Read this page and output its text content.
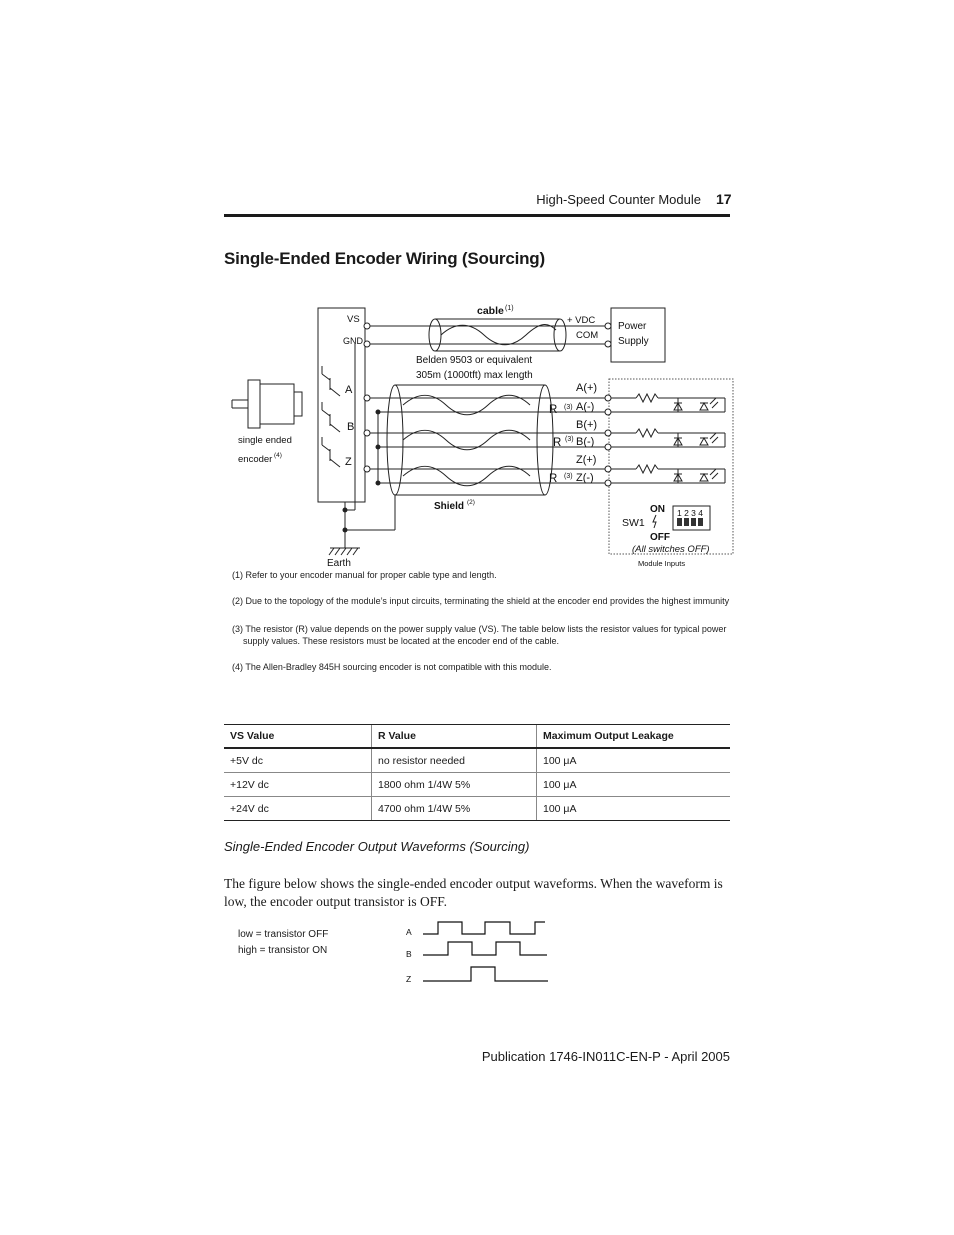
High-Speed Counter Module 17
Single-Ended Encoder Wiring (Sourcing)
cable (1)
VS
GND
A
B
Z
single ended
encoder (4)
+ VDC
COM
Power
Supply
Belden 9503 or equivalent
305m (1000tft) max length
Earth
Shield (2)
R (3)
R (3)
R (3)
A(+)
A(-)
B(+)
B(-)
Z(+)
Z(-)
ON
SW1
OFF
1 2 3 4
(All switches OFF)
Module Inputs
(1) Refer to your encoder manual for proper cable type and length.
(2) Due to the topology of the module’s input circuits, terminating the shield at the encoder end provides the highest immunity
(3) The resistor (R) value depends on the power supply value (VS). The table below lists the resistor values for typical power
supply values. These resistors must be located at the encoder end of the cable.
(4) The Allen-Bradley 845H sourcing encoder is not compatible with this module.
VS Value	R Value	Maximum Output Leakage
+5V dc	no resistor needed	100 μA
+12V dc	1800 ohm 1/4W 5%	100 μA
+24V dc	4700 ohm 1/4W 5%	100 μA
Single-Ended Encoder Output Waveforms (Sourcing)
The figure below shows the single-ended encoder output waveforms. When the waveform is low, the encoder output transistor is OFF.
low = transistor OFF
high = transistor ON
A
B
Z
Publication 1746-IN011C-EN-P - April 2005
